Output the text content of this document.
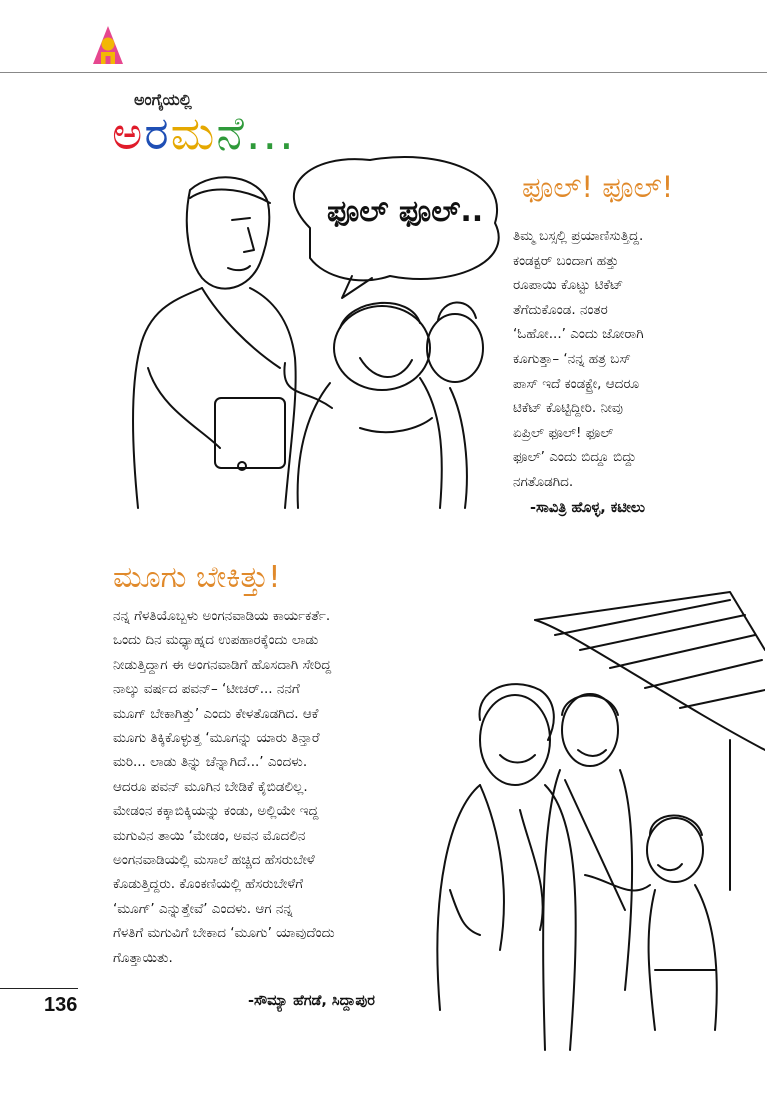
ಅಂಗೈಯಲ್ಲಿ
ಅರಮನೆ...
ಫೂಲ್ ಫೂಲ್..
ಫೂಲ್! ಫೂಲ್!

ತಿಮ್ಮ ಬಸ್ಸಲ್ಲಿ ಪ್ರಯಾಣಿಸುತ್ತಿದ್ದ.

ಕಂಡಕ್ಟರ್ ಬಂದಾಗ ಹತ್ತು

ರೂಪಾಯಿ ಕೊಟ್ಟು ಟಿಕೆಟ್

ತೆಗೆದುಕೊಂಡ. ನಂತರ

‘ಓಹೋ...’ ಎಂದು ಜೋರಾಗಿ

ಕೂಗುತ್ತಾ– ‘ನನ್ನ ಹತ್ರ ಬಸ್

ಪಾಸ್ ಇದೆ ಕಂಡಕ್ಟ್ರೇ, ಆದರೂ

ಟಿಕೆಟ್ ಕೊಟ್ಟಿದ್ದೀರಿ. ನೀವು

ಏಪ್ರಿಲ್ ಫೂಲ್! ಫೂಲ್

ಫೂಲ್’ ಎಂದು ಬಿದ್ದೂ ಬಿದ್ದು

ನಗತೊಡಗಿದ.

-ಸಾವಿತ್ರಿ ಹೊಳ್ಳ, ಕಟೀಲು
ಮೂಗು ಬೇಕಿತ್ತು!

ನನ್ನ ಗೆಳತಿಯೊಬ್ಬಳು ಅಂಗನವಾಡಿಯ ಕಾರ್ಯಕರ್ತೆ.

ಒಂದು ದಿನ ಮಧ್ಯಾಹ್ನದ ಉಪಹಾರಕ್ಕೆಂದು ಲಾಡು

ನೀಡುತ್ತಿದ್ದಾಗ ಈ ಅಂಗನವಾಡಿಗೆ ಹೊಸದಾಗಿ ಸೇರಿದ್ದ

ನಾಲ್ಕು ವರ್ಷದ ಪವನ್– ‘ಟೀಚರ್... ನನಗೆ

ಮೂಗ್ ಬೇಕಾಗಿತ್ತು’ ಎಂದು ಕೇಳತೊಡಗಿದ. ಆಕೆ

ಮೂಗು ತಿಕ್ಕಿಕೊಳ್ಳುತ್ತ ‘ಮೂಗನ್ನು ಯಾರು ತಿನ್ತಾರೆ

ಮರಿ... ಲಾಡು ತಿನ್ನು ಚೆನ್ನಾಗಿದೆ...’ ಎಂದಳು.

ಆದರೂ ಪವನ್ ಮೂಗಿನ ಬೇಡಿಕೆ ಕೈಬಿಡಲಿಲ್ಲ.

ಮೇಡಂನ ಕಕ್ಕಾಬಿಕ್ಕಿಯನ್ನು ಕಂಡು, ಅಲ್ಲಿಯೇ ಇದ್ದ

ಮಗುವಿನ ತಾಯಿ ‘ಮೇಡಂ, ಅವನ ಮೊದಲಿನ

ಅಂಗನವಾಡಿಯಲ್ಲಿ ಮಸಾಲೆ ಹಚ್ಚಿದ ಹೆಸರುಬೇಳೆ

ಕೊಡುತ್ತಿದ್ದರು. ಕೊಂಕಣಿಯಲ್ಲಿ ಹೆಸರುಬೇಳೆಗೆ

‘ಮೂಗ್’ ಎನ್ನುತ್ತೇವೆ’ ಎಂದಳು. ಆಗ ನನ್ನ

ಗೆಳತಿಗೆ ಮಗುವಿಗೆ ಬೇಕಾದ ‘ಮೂಗು’ ಯಾವುದೆಂದು

ಗೊತ್ತಾಯಿತು.

-ಸೌಮ್ಯಾ ಹೆಗಡೆ, ಸಿದ್ದಾಪುರ
136
